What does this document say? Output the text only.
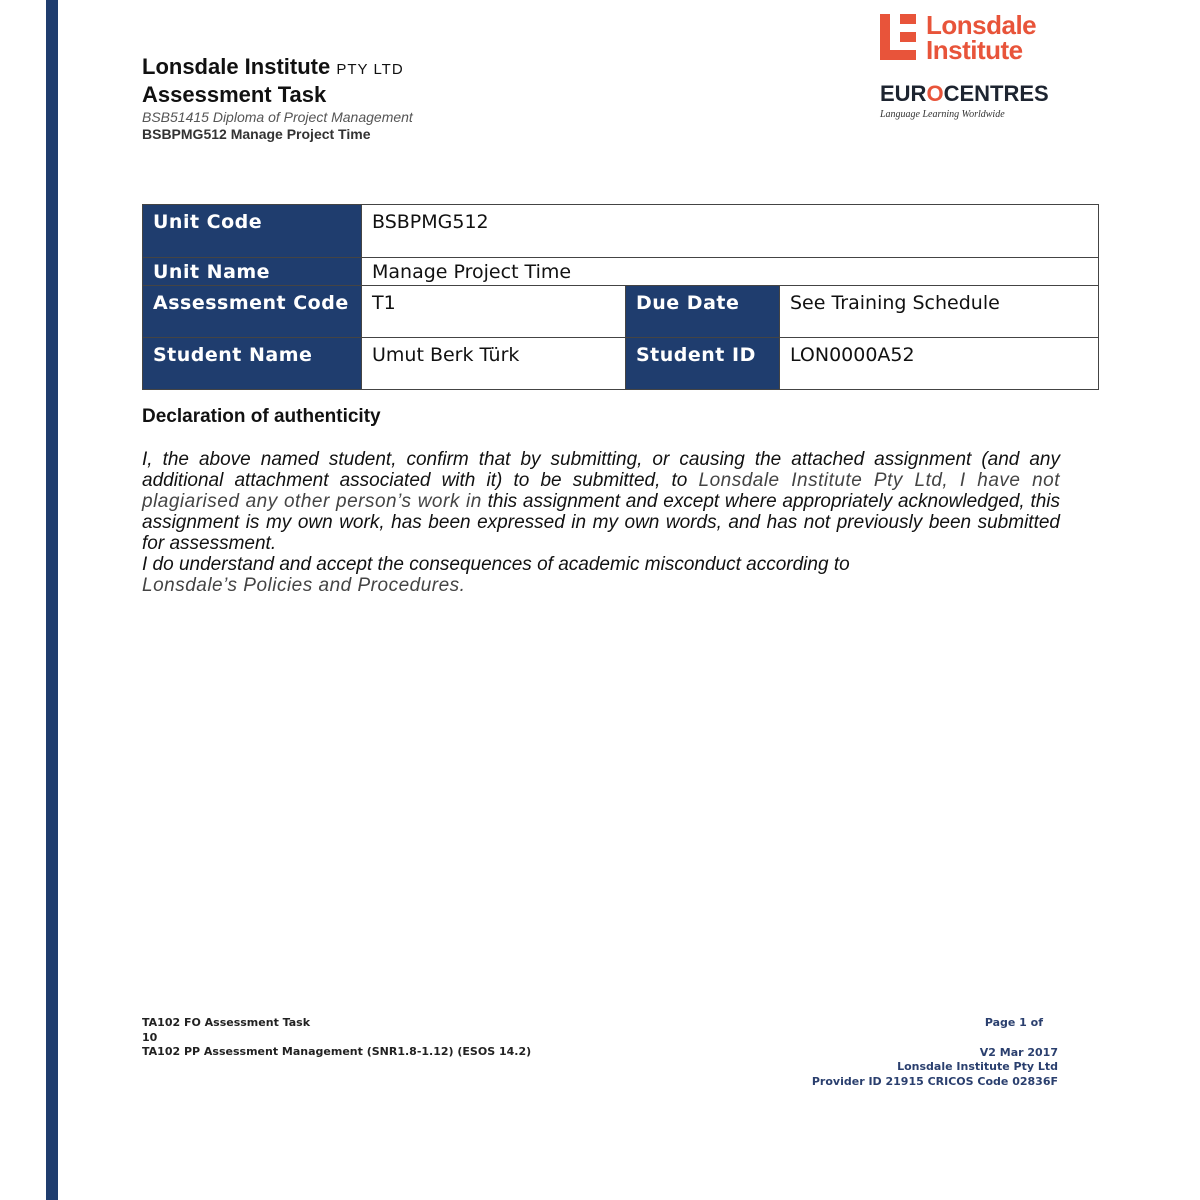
Lonsdale Institute PTY LTD
Assessment Task
BSB51415 Diploma of Project Management
BSBPMG512 Manage Project Time
Lonsdale
Institute
EUROCENTRES
Language Learning Worldwide
Unit Code	BSBPMG512		
Unit Name	Manage Project Time		
Assessment Code	T1	Due Date	See Training Schedule
Student Name	Umut Berk Türk	Student ID	LON0000A52
Declaration of authenticity

I, the above named student, confirm that by submitting, or causing the attached assignment (and any additional attachment associated with it) to be submitted, to Lonsdale Institute Pty Ltd, I have not plagiarised any other person’s work in this assignment and except where appropriately acknowledged, this assignment is my own work, has been expressed in my own words, and has not previously been submitted for assessment.

I do understand and accept the consequences of academic misconduct according to
Lonsdale’s Policies and Procedures.

TA102 FO Assessment Task
10
TA102 PP Assessment Management (SNR1.8-1.12) (ESOS 14.2)
Page 1 of
V2 Mar 2017
Lonsdale Institute Pty Ltd
Provider ID 21915 CRICOS Code 02836F
